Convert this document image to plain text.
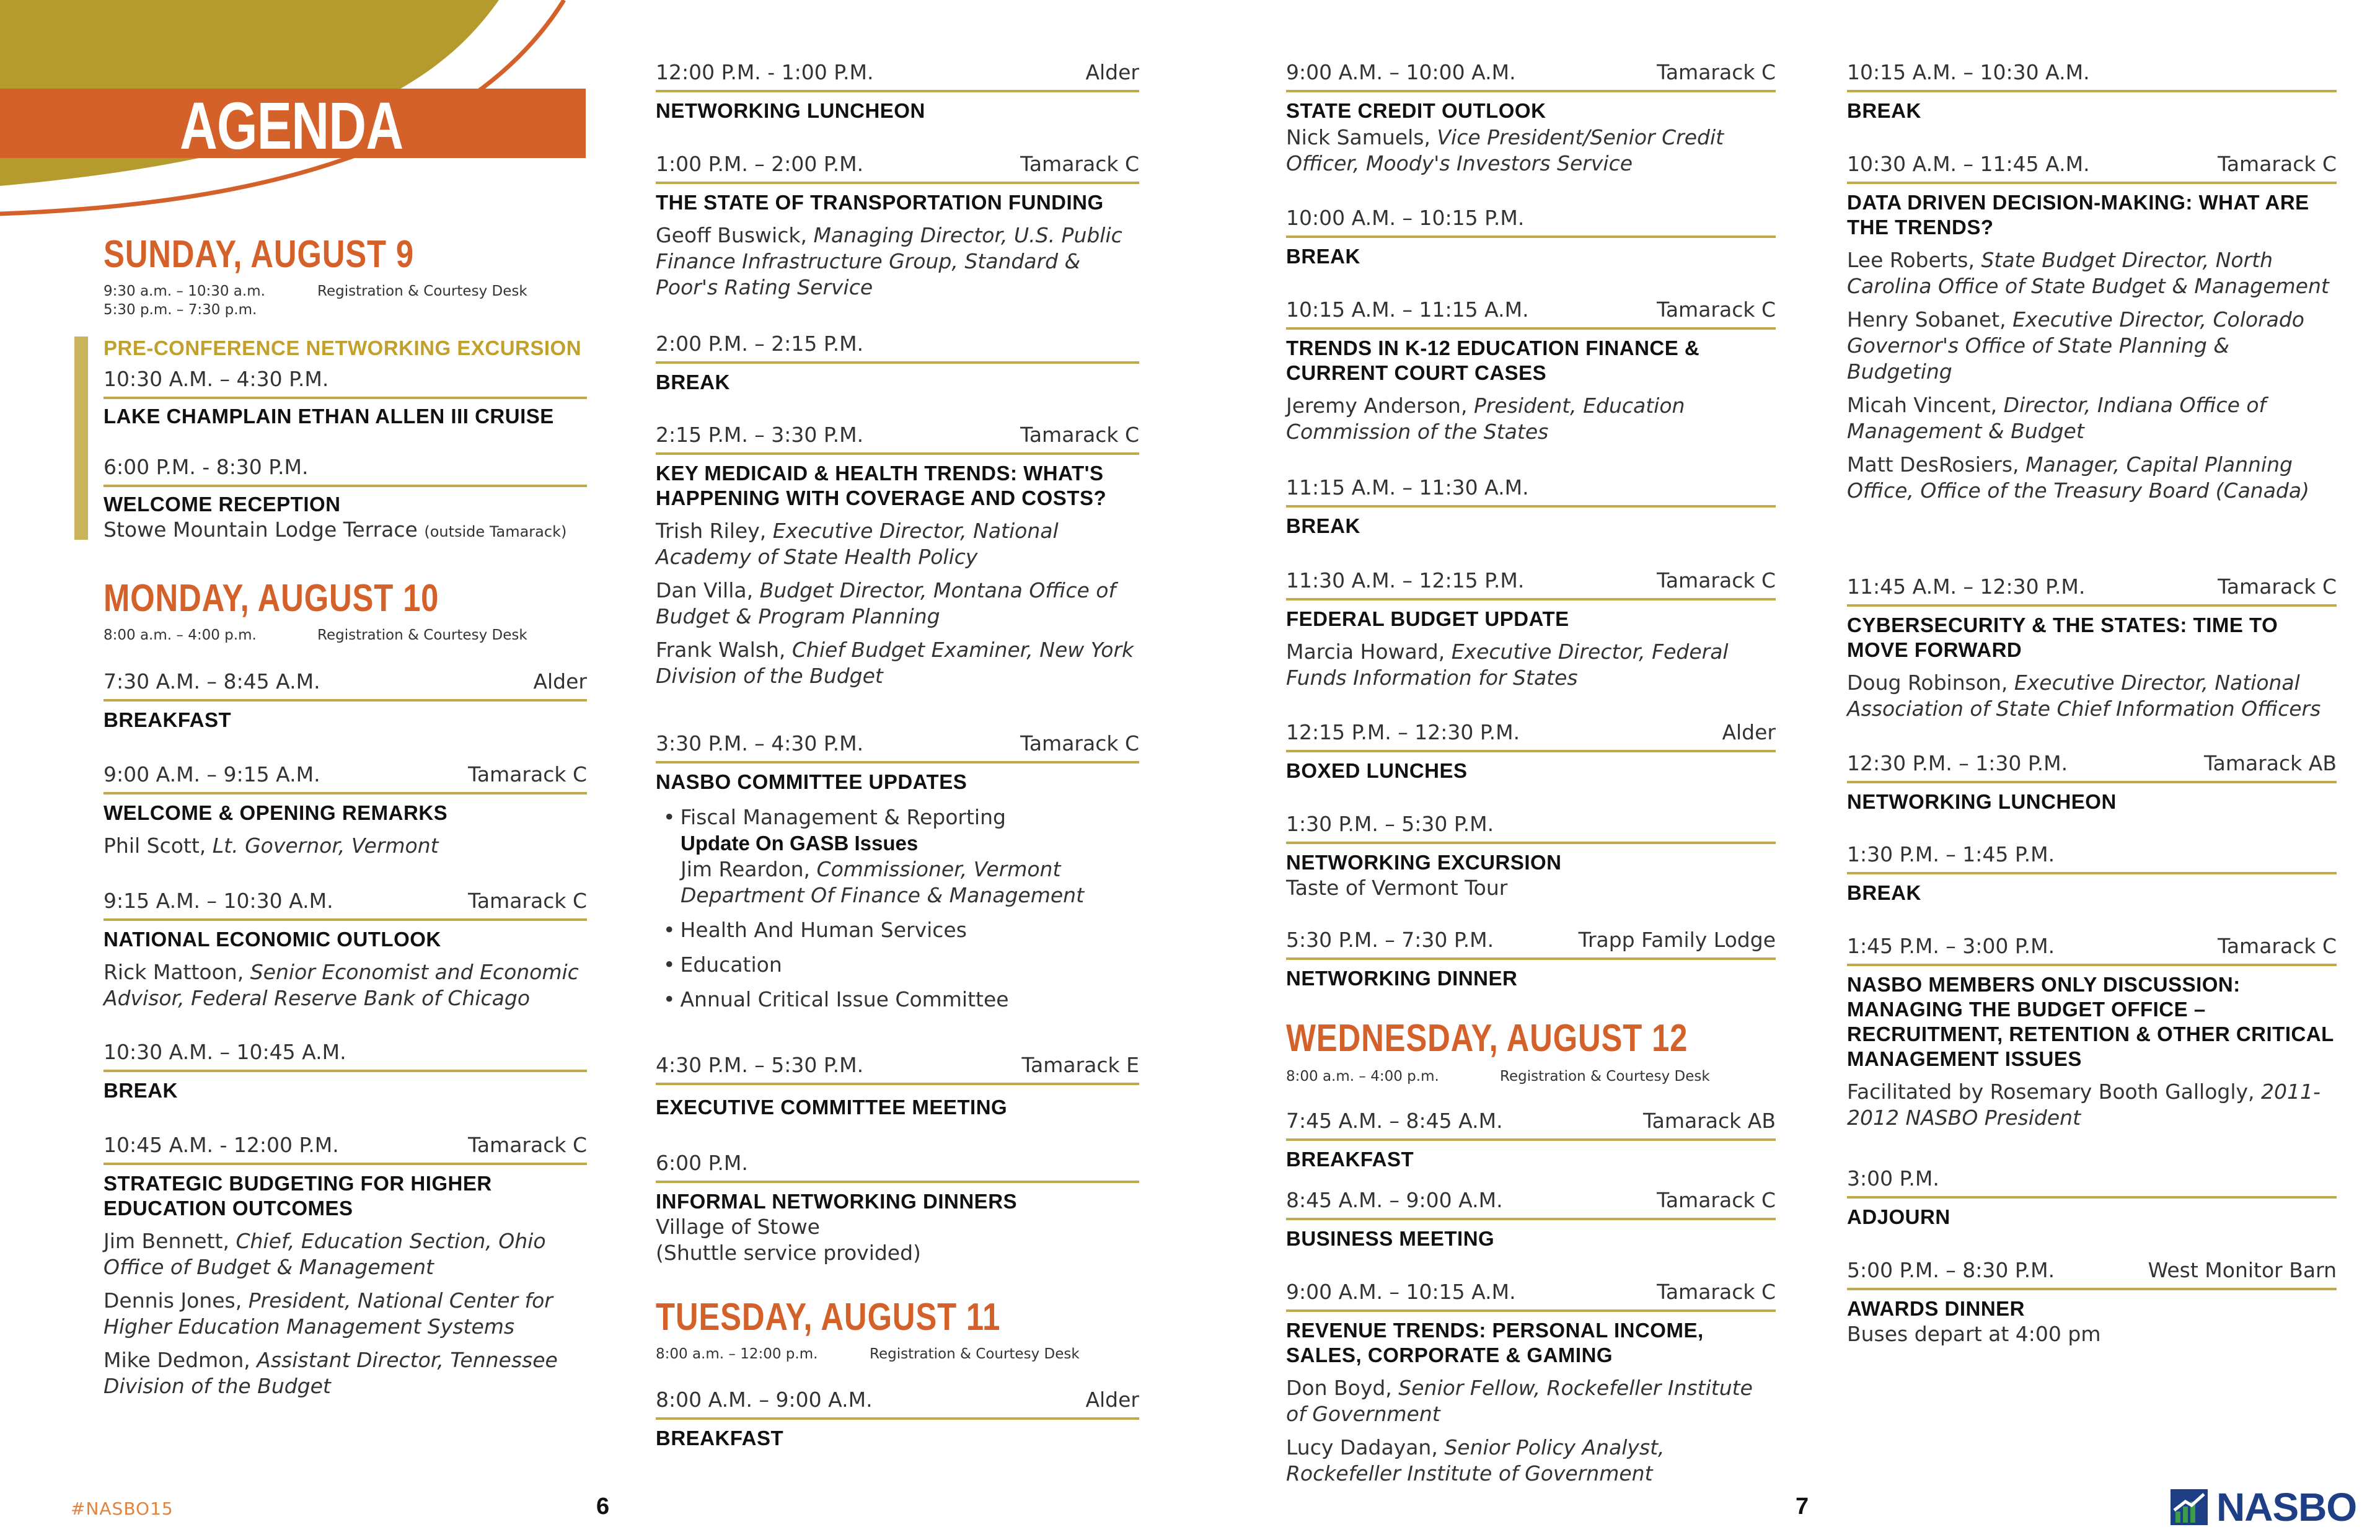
AGENDA
SUNDAY, AUGUST 9
9:30 a.m. – 10:30 a.m.	Registration & Courtesy Desk
5:30 p.m. – 7:30 p.m.
PRE-CONFERENCE NETWORKING EXCURSION
10:30 A.M. – 4:30 P.M.
LAKE CHAMPLAIN ETHAN ALLEN III CRUISE
6:00 P.M. - 8:30 P.M.
WELCOME RECEPTION
Stowe Mountain Lodge Terrace (outside Tamarack)
MONDAY, AUGUST 10
8:00 a.m. – 4:00 p.m.	Registration & Courtesy Desk
7:30 A.M. – 8:45 A.M.	Alder
BREAKFAST
9:00 A.M. – 9:15 A.M.	Tamarack C
WELCOME & OPENING REMARKS
Phil Scott, Lt. Governor, Vermont
9:15 A.M. – 10:30 A.M.	Tamarack C
NATIONAL ECONOMIC OUTLOOK
Rick Mattoon, Senior Economist and Economic Advisor, Federal Reserve Bank of Chicago
10:30 A.M. – 10:45 A.M.
BREAK
10:45 A.M. - 12:00 P.M.	Tamarack C
STRATEGIC BUDGETING FOR HIGHER EDUCATION OUTCOMES
Jim Bennett, Chief, Education Section, Ohio Office of Budget & Management
Dennis Jones, President, National Center for Higher Education Management Systems
Mike Dedmon, Assistant Director, Tennessee Division of the Budget
12:00 P.M. - 1:00 P.M.	Alder
NETWORKING LUNCHEON
1:00 P.M. – 2:00 P.M.	Tamarack C
THE STATE OF TRANSPORTATION FUNDING
Geoff Buswick, Managing Director, U.S. Public Finance Infrastructure Group, Standard & Poor's Rating Service
2:00 P.M. – 2:15 P.M.
BREAK
2:15 P.M. – 3:30 P.M.	Tamarack C
KEY MEDICAID & HEALTH TRENDS: WHAT'S HAPPENING WITH COVERAGE AND COSTS?
Trish Riley, Executive Director, National Academy of State Health Policy
Dan Villa, Budget Director, Montana Office of Budget & Program Planning
Frank Walsh, Chief Budget Examiner, New York Division of the Budget
3:30 P.M. – 4:30 P.M.	Tamarack C
NASBO COMMITTEE UPDATES
• Fiscal Management & Reporting
Update On GASB Issues
Jim Reardon, Commissioner, Vermont Department Of Finance & Management
• Health And Human Services
• Education
• Annual Critical Issue Committee
4:30 P.M. – 5:30 P.M.	Tamarack E
EXECUTIVE COMMITTEE MEETING
6:00 P.M.
INFORMAL NETWORKING DINNERS
Village of Stowe
(Shuttle service provided)
TUESDAY, AUGUST 11
8:00 a.m. – 12:00 p.m.	Registration & Courtesy Desk
8:00 A.M. – 9:00 A.M.	Alder
BREAKFAST
9:00 A.M. – 10:00 A.M.	Tamarack C
STATE CREDIT OUTLOOK
Nick Samuels, Vice President/Senior Credit Officer, Moody's Investors Service
10:00 A.M. – 10:15 P.M.
BREAK
10:15 A.M. – 11:15 A.M.	Tamarack C
TRENDS IN K-12 EDUCATION FINANCE & CURRENT COURT CASES
Jeremy Anderson, President, Education Commission of the States
11:15 A.M. – 11:30 A.M.
BREAK
11:30 A.M. – 12:15 P.M.	Tamarack C
FEDERAL BUDGET UPDATE
Marcia Howard, Executive Director, Federal Funds Information for States
12:15 P.M. – 12:30 P.M.	Alder
BOXED LUNCHES
1:30 P.M. – 5:30 P.M.
NETWORKING EXCURSION
Taste of Vermont Tour
5:30 P.M. – 7:30 P.M.	Trapp Family Lodge
NETWORKING DINNER
WEDNESDAY, AUGUST 12
8:00 a.m. – 4:00 p.m.	Registration & Courtesy Desk
7:45 A.M. – 8:45 A.M.	Tamarack AB
BREAKFAST
8:45 A.M. – 9:00 A.M.	Tamarack C
BUSINESS MEETING
9:00 A.M. – 10:15 A.M.	Tamarack C
REVENUE TRENDS: PERSONAL INCOME, SALES, CORPORATE & GAMING
Don Boyd, Senior Fellow, Rockefeller Institute of Government
Lucy Dadayan, Senior Policy Analyst, Rockefeller Institute of Government
10:15 A.M. – 10:30 A.M.
BREAK
10:30 A.M. – 11:45 A.M.	Tamarack C
DATA DRIVEN DECISION-MAKING: WHAT ARE THE TRENDS?
Lee Roberts, State Budget Director, North Carolina Office of State Budget & Management
Henry Sobanet, Executive Director, Colorado Governor's Office of State Planning & Budgeting
Micah Vincent, Director, Indiana Office of Management & Budget
Matt DesRosiers, Manager, Capital Planning Office, Office of the Treasury Board (Canada)
11:45 A.M. – 12:30 P.M.	Tamarack C
CYBERSECURITY & THE STATES: TIME TO MOVE FORWARD
Doug Robinson, Executive Director, National Association of State Chief Information Officers
12:30 P.M. – 1:30 P.M.	Tamarack AB
NETWORKING LUNCHEON
1:30 P.M. – 1:45 P.M.
BREAK
1:45 P.M. – 3:00 P.M.	Tamarack C
NASBO MEMBERS ONLY DISCUSSION: MANAGING THE BUDGET OFFICE – RECRUITMENT, RETENTION & OTHER CRITICAL MANAGEMENT ISSUES
Facilitated by Rosemary Booth Gallogly, 2011-2012 NASBO President
3:00 P.M.
ADJOURN
5:00 P.M. – 8:30 P.M.	West Monitor Barn
AWARDS DINNER
Buses depart at 4:00 pm
#NASBO15	6	7	NASBO
